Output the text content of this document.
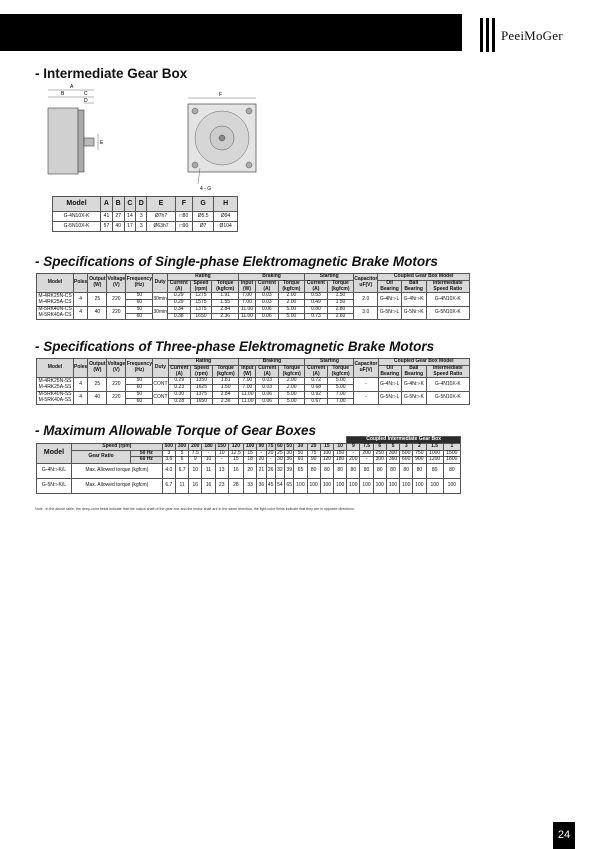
PeeiMoGer
- Intermediate Gear Box
A
B	C
D
E
F
4 - G
Model	A	B	C	D	E	F	G	H
G-4N10X-K	41	27	14	3	Ø7h7	□80	Ø5.5	Ø94
G-5N10X-K	57	40	17	3	Ø63h7	□90	Ø7	Ø104
- Specifications of Single-phase Elektromagnetic Brake Motors
Model	Poles	Output (W)	Voltage (V)	Frequency (Hz)	Duty	Rating			Braking			Starting		Capacitor uF(V)	Coupled Gear Box Model		
						Current (A)	Speed (rpm)	Torque (kgfcm)	Input (W)	Current (A)	Torque (kgfcm)	Current (A)	Torque (kgfcm)		Oil Bearing	Ball Bearing	Intermediate Speed Ratio

M-4RK25N-CS
M-4RK25A-CS	4	25	220	50	30min	0.29	1275	1.91	7.00	0.03	2.00	0.53	1.50	2.0	G-4N□-L	G-4N□-K	G-4N10X-K
				60		0.29	1575	1.55	7.00	0.03	2.00	0.49	1.50				

M-5RK40N-CS
M-5RK40A-CS	4	40	220	50	30min	0.34	1375	2.84	11.00	0.06	5.00	0.80	2.80	3.0	G-5N□-L	G-5N□-K	G-5N10X-K
				60		0.38	1650	2.36	11.00	0.06	5.00	0.73	2.60				
- Specifications of Three-phase Elektromagnetic Brake Motors
Model	Poles	Output (W)	Voltage (V)	Frequency (Hz)	Duty	Rating			Braking			Starting		Capacitor uF(V)	Coupled Gear Box Model		
						Current (A)	Speed (rpm)	Torque (kgfcm)	Input (W)	Current (A)	Torque (kgfcm)	Current (A)	Torque (kgfcm)		Oil Bearing	Ball Bearing	Intermediate Speed Ratio

M-4RK25N-SS
M-4RK25A-SS	4	25	220	50	CONT	0.29	1350	1.81	7.00	0.03	2.00	0.72	5.00	-	G-4N□-L	G-4N□-K	G-4N10X-K
				60		0.23	1625	1.50	7.00	0.03	2.00	0.68	5.00				

M-5RK40N-SS
M-5RK40A-SS	4	40	220	50	CONT	0.30	1375	2.84	11.00	0.06	5.00	0.92	7.00	-	G-5N□-L	G-5N□-K	G-5N10X-K
				60		0.28	1650	2.36	11.00	0.06	5.00	0.67	7.00				
- Maximum Allowable Torque of Gear Boxes
																		Coupled Intermediate Gear Box							
Model	Speed (rpm)		500	300	200	180	150	120	100	90	75	60	50	30	20	15	10	9	7.5	6	5	3	2	1.5	1
	Gear Ratio	50 Hz	3	5	7.5	-	10	12.5	15	-	20	25	30	50	75	100	150	-	200	250	300	500	750	1000	1500
		60 Hz	3.6	6	9	10	-	15	18	20	-	30	36	60	90	120	180	200	-	300	360	600	900	1200	1800
G-4N□-K/L	Max. Allowed torque (kgfcm)		4.0	6.7	10	11	13	16	20	21	26	32	39	65	80	80	80	80	80	80	80	80	80	80	80
G-5N□-K/L	Max. Allowed torque (kgfcm)		6.7	11	16	16	23	28	33	36	45	54	65	100	100	100	100	100	100	100	100	100	100	100	100
Note : in the above table, the deep-color fields indicate that the output shaft of the gear box and the motor shaft are in the same direction, the light-color fields indicate that they are in opposite directions.
24
